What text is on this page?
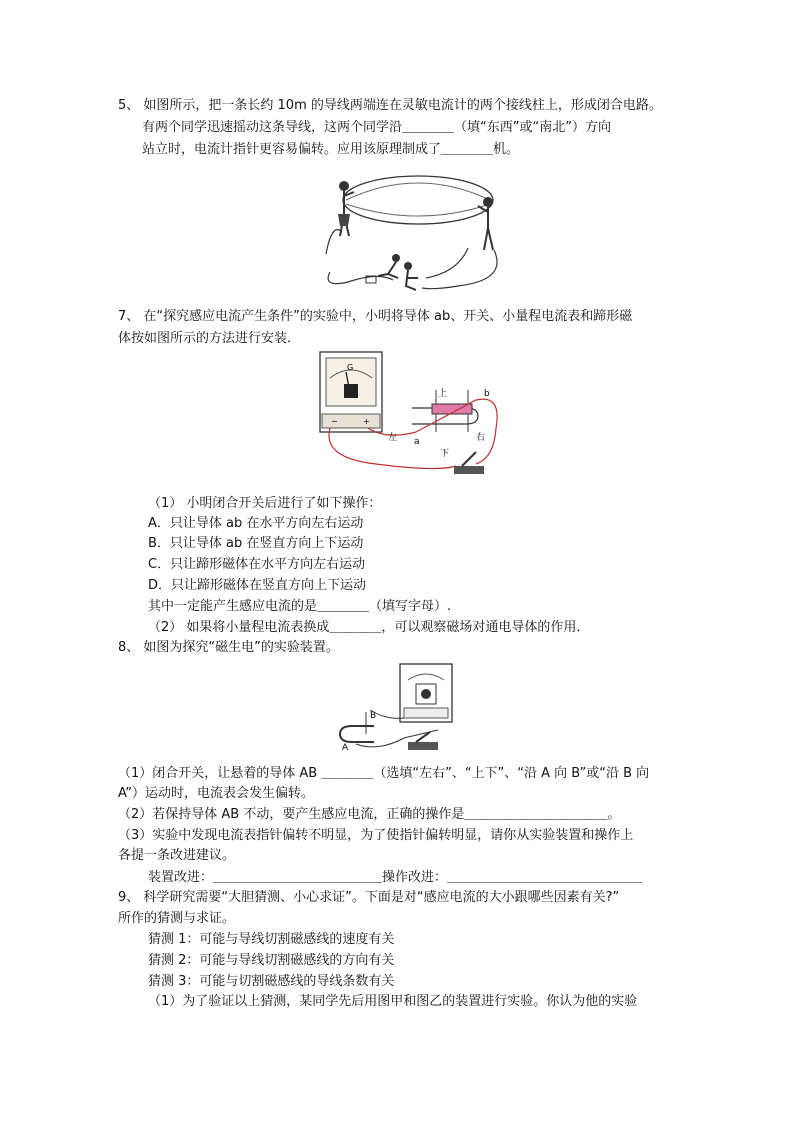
5、 如图所示，把一条长约 10m 的导线两端连在灵敏电流计的两个接线柱上，形成闭合电路。
有两个同学迅速摇动这条导线，这两个同学沿＿＿＿＿（填“东西”或“南北”）方向
站立时，电流计指针更容易偏转。应用该原理制成了＿＿＿＿机。
7、 在“探究感应电流产生条件”的实验中，小明将导体 ab、开关、小量程电流表和蹄形磁
体按如图所示的方法进行安装．
G
−	+
上	b
左 a	右
下
（1） 小明闭合开关后进行了如下操作：
A．只让导体 ab 在水平方向左右运动
B．只让导体 ab 在竖直方向上下运动
C．只让蹄形磁体在水平方向左右运动
D．只让蹄形磁体在竖直方向上下运动
其中一定能产生感应电流的是＿＿＿＿（填写字母）.
（2） 如果将小量程电流表换成＿＿＿＿，可以观察磁场对通电导体的作用．
8、 如图为探究“磁生电”的实验装置。
B
A
（1）闭合开关，让悬着的导体 AB ＿＿＿＿（选填“左右”、“上下”、“沿 A 向 B”或“沿 B 向
A”）运动时，电流表会发生偏转。
（2）若保持导体 AB 不动，要产生感应电流，正确的操作是＿＿＿＿＿＿＿＿＿＿＿。
（3）实验中发现电流表指针偏转不明显，为了使指针偏转明显，请你从实验装置和操作上
各提一条改进建议。
装置改进：＿＿＿＿＿＿＿＿＿＿＿＿＿操作改进：＿＿＿＿＿＿＿＿＿＿＿＿＿＿＿
9、 科学研究需要“大胆猜测、小心求证”。下面是对“感应电流的大小跟哪些因素有关?”
所作的猜测与求证。
猜测 1：可能与导线切割磁感线的速度有关
猜测 2：可能与导线切割磁感线的方向有关
猜测 3：可能与切割磁感线的导线条数有关
（1）为了验证以上猜测，某同学先后用图甲和图乙的装置进行实验。你认为他的实验
